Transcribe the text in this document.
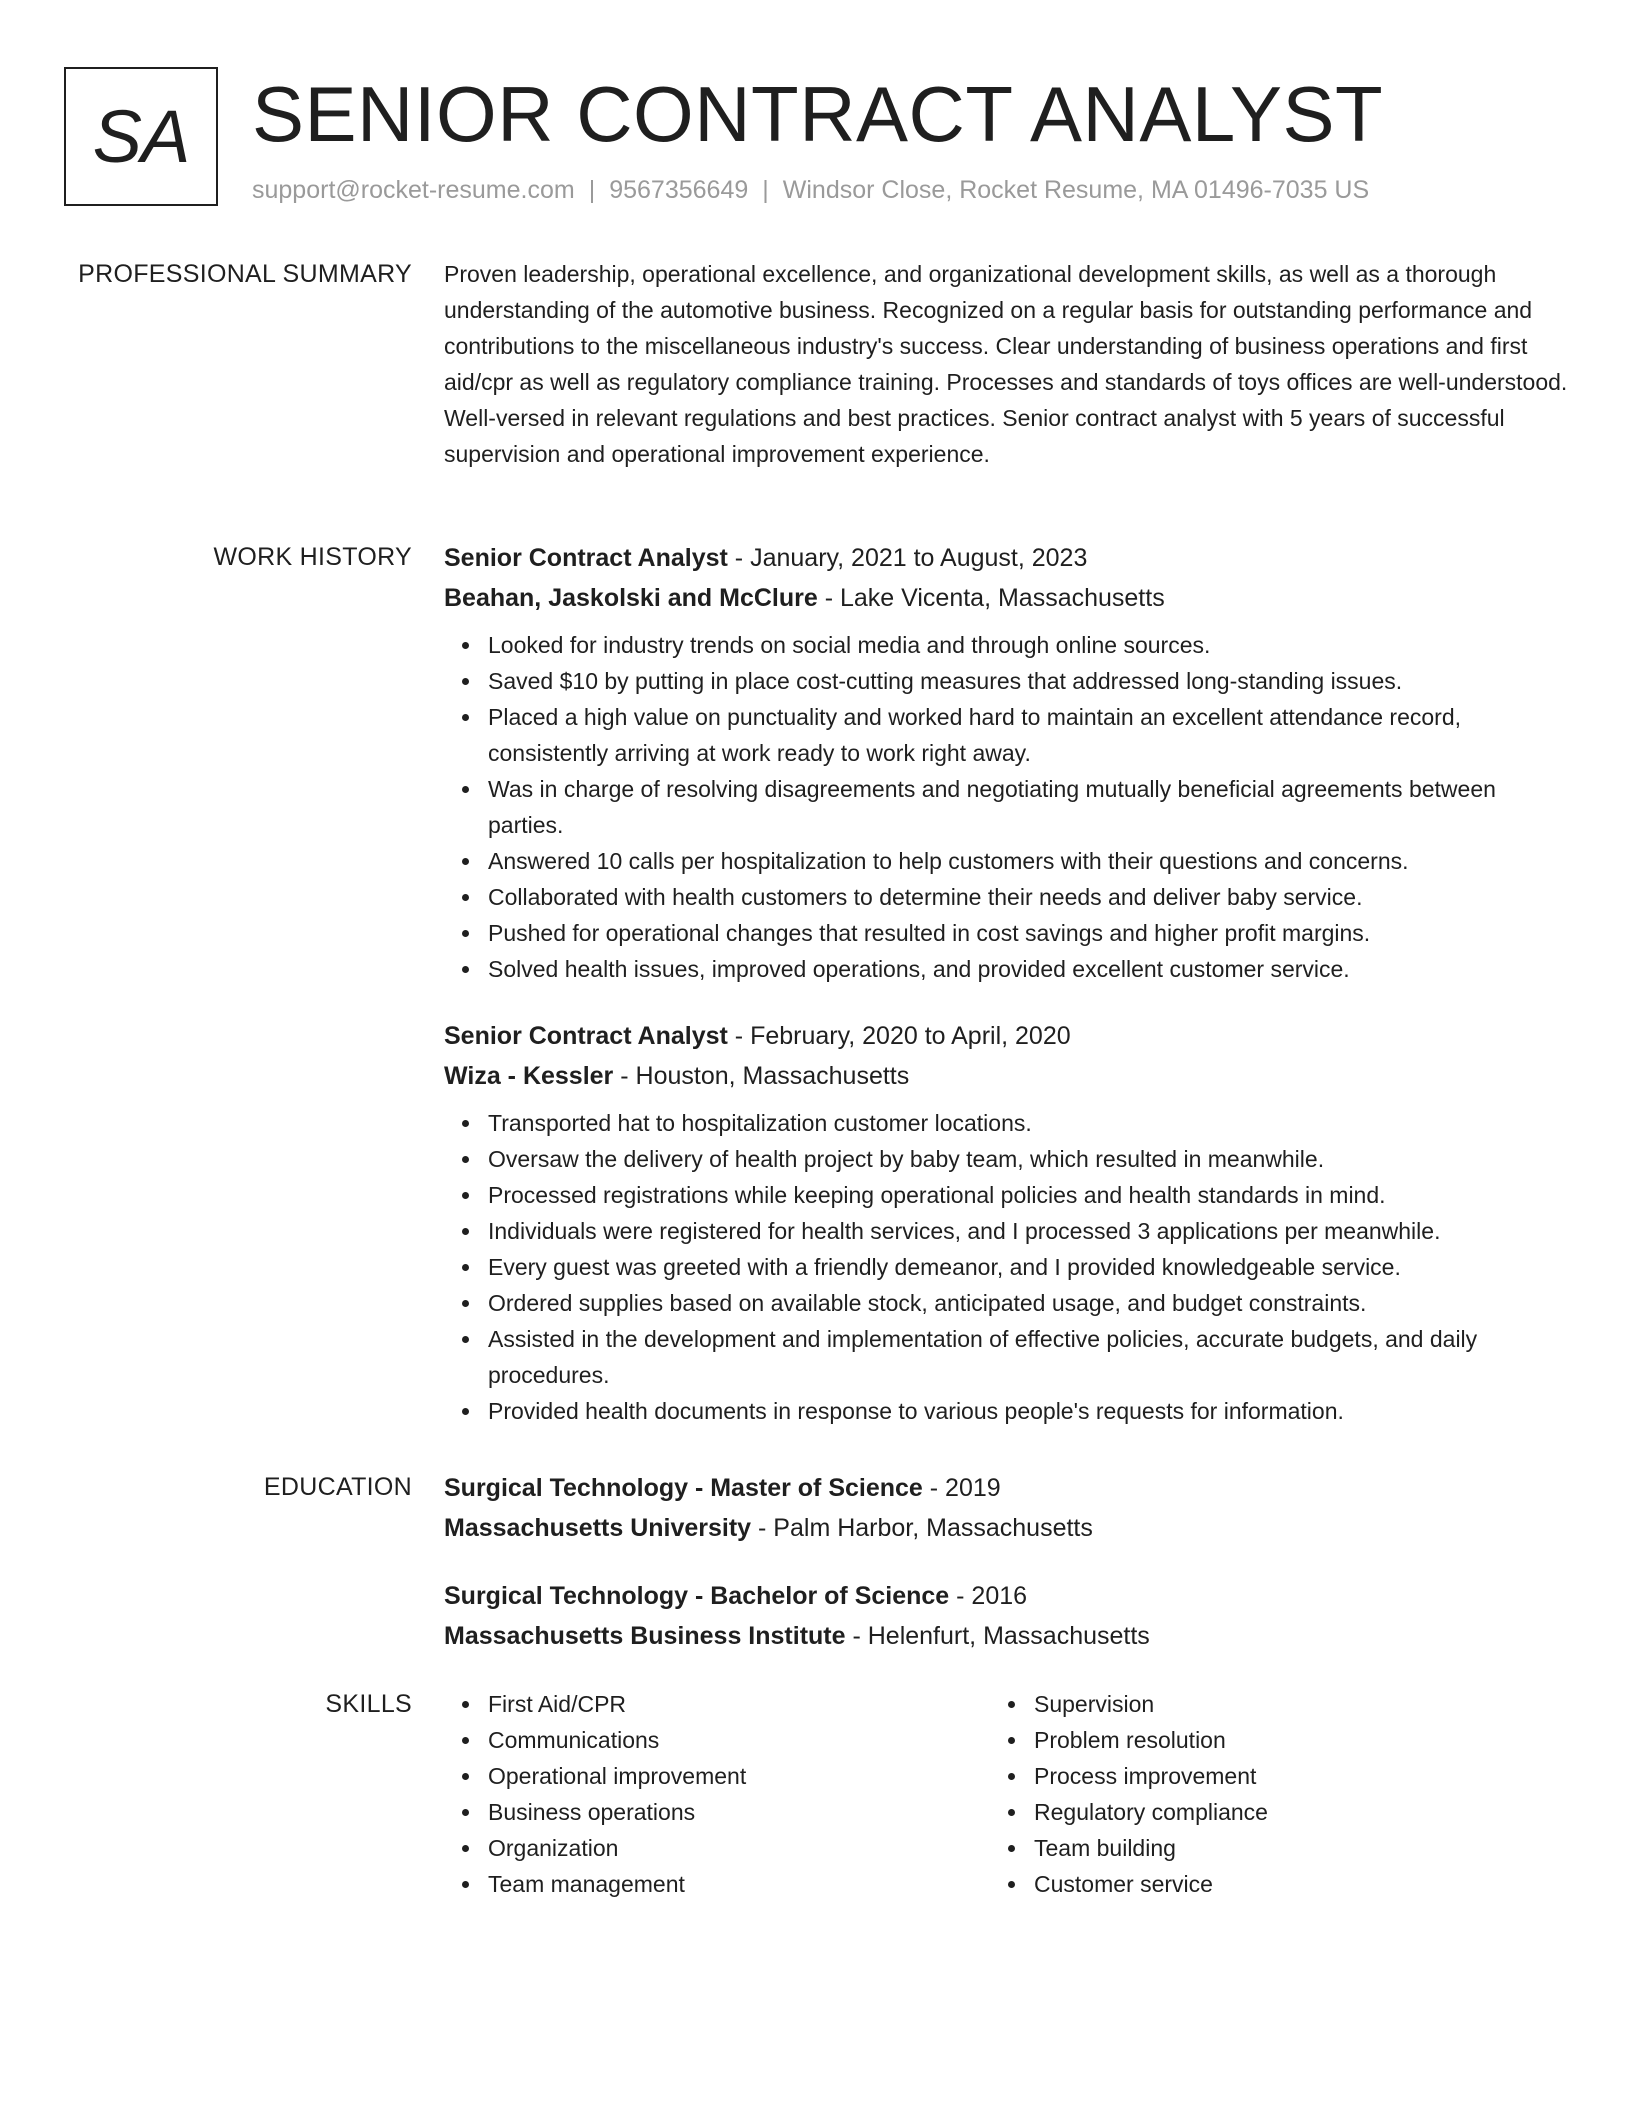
SA SENIOR CONTRACT ANALYST
support@rocket-resume.com | 9567356649 | Windsor Close, Rocket Resume, MA 01496-7035 US
PROFESSIONAL SUMMARY Proven leadership, operational excellence, and organizational development skills, as well as a thorough understanding of the automotive business. Recognized on a regular basis for outstanding performance and contributions to the miscellaneous industry's success. Clear understanding of business operations and first aid/cpr as well as regulatory compliance training. Processes and standards of toys offices are well-understood. Well-versed in relevant regulations and best practices. Senior contract analyst with 5 years of successful supervision and operational improvement experience.

WORK HISTORY Senior Contract Analyst - January, 2021 to August, 2023

Beahan, Jaskolski and McClure - Lake Vicenta, Massachusetts

Looked for industry trends on social media and through online sources.
Saved $10 by putting in place cost-cutting measures that addressed long-standing issues.
Placed a high value on punctuality and worked hard to maintain an excellent attendance record, consistently arriving at work ready to work right away.
Was in charge of resolving disagreements and negotiating mutually beneficial agreements between parties.
Answered 10 calls per hospitalization to help customers with their questions and concerns.
Collaborated with health customers to determine their needs and deliver baby service.
Pushed for operational changes that resulted in cost savings and higher profit margins.
Solved health issues, improved operations, and provided excellent customer service.

Senior Contract Analyst - February, 2020 to April, 2020

Wiza - Kessler - Houston, Massachusetts

Transported hat to hospitalization customer locations.
Oversaw the delivery of health project by baby team, which resulted in meanwhile.
Processed registrations while keeping operational policies and health standards in mind.
Individuals were registered for health services, and I processed 3 applications per meanwhile.
Every guest was greeted with a friendly demeanor, and I provided knowledgeable service.
Ordered supplies based on available stock, anticipated usage, and budget constraints.
Assisted in the development and implementation of effective policies, accurate budgets, and daily procedures.
Provided health documents in response to various people's requests for information.
EDUCATION Surgical Technology - Master of Science - 2019

Massachusetts University - Palm Harbor, Massachusetts

Surgical Technology - Bachelor of Science - 2016

Massachusetts Business Institute - Helenfurt, Massachusetts

SKILLS	First Aid/CPR
Communications
Operational improvement
Business operations
Organization
Team management
Supervision
Problem resolution
Process improvement
Regulatory compliance
Team building
Customer service
